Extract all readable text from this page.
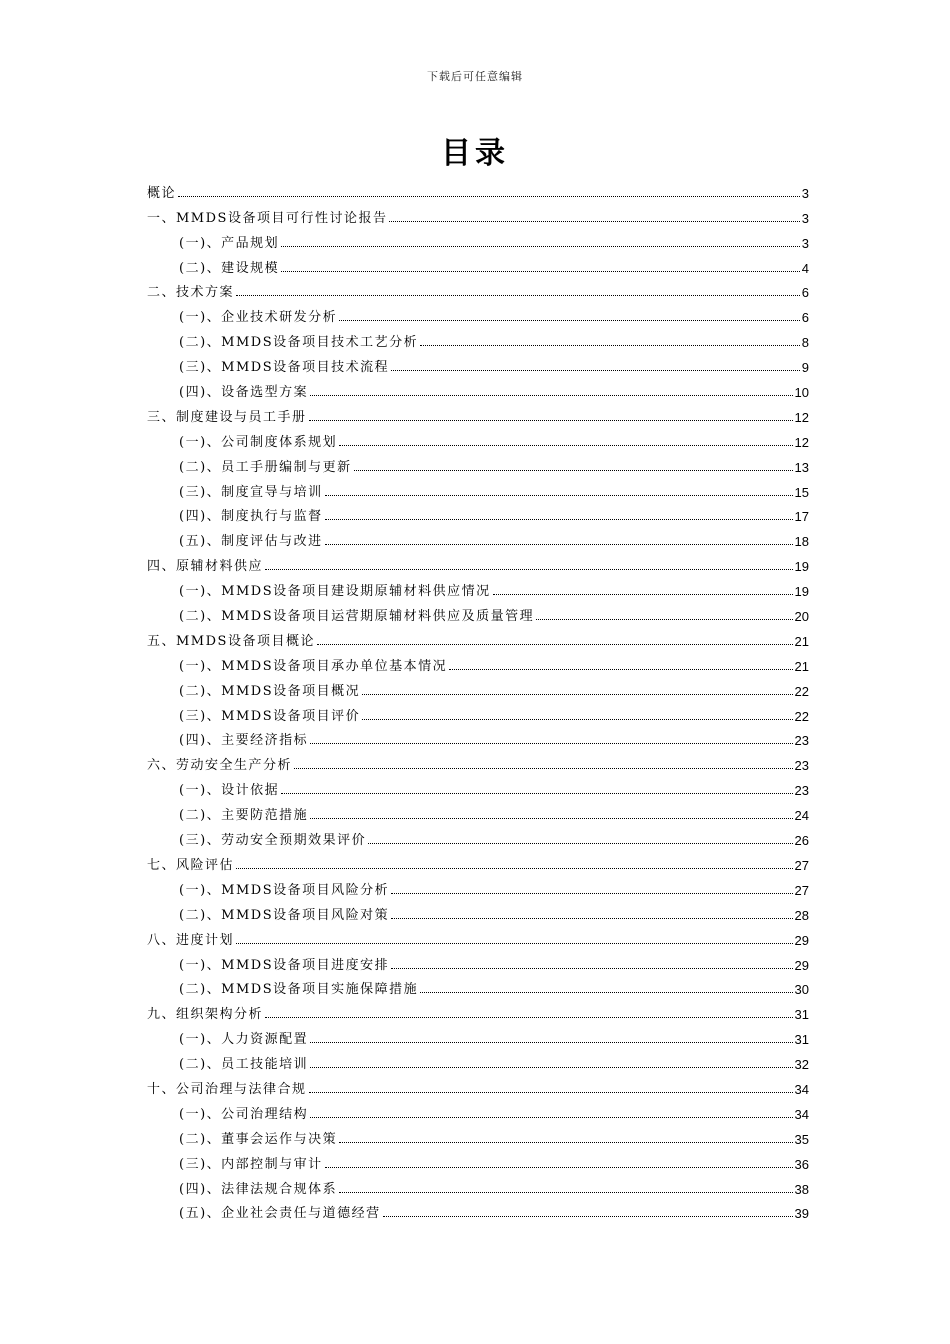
下载后可任意编辑
目录
概论	3
一、MMDS设备项目可行性讨论报告	3
(一)、产品规划	3
(二)、建设规模	4
二、技术方案	6
(一)、企业技术研发分析	6
(二)、MMDS设备项目技术工艺分析	8
(三)、MMDS设备项目技术流程	9
(四)、设备选型方案	10
三、制度建设与员工手册	12
(一)、公司制度体系规划	12
(二)、员工手册编制与更新	13
(三)、制度宣导与培训	15
(四)、制度执行与监督	17
(五)、制度评估与改进	18
四、原辅材料供应	19
(一)、MMDS设备项目建设期原辅材料供应情况	19
(二)、MMDS设备项目运营期原辅材料供应及质量管理	20
五、MMDS设备项目概论	21
(一)、MMDS设备项目承办单位基本情况	21
(二)、MMDS设备项目概况	22
(三)、MMDS设备项目评价	22
(四)、主要经济指标	23
六、劳动安全生产分析	23
(一)、设计依据	23
(二)、主要防范措施	24
(三)、劳动安全预期效果评价	26
七、风险评估	27
(一)、MMDS设备项目风险分析	27
(二)、MMDS设备项目风险对策	28
八、进度计划	29
(一)、MMDS设备项目进度安排	29
(二)、MMDS设备项目实施保障措施	30
九、组织架构分析	31
(一)、人力资源配置	31
(二)、员工技能培训	32
十、公司治理与法律合规	34
(一)、公司治理结构	34
(二)、董事会运作与决策	35
(三)、内部控制与审计	36
(四)、法律法规合规体系	38
(五)、企业社会责任与道德经营	39
